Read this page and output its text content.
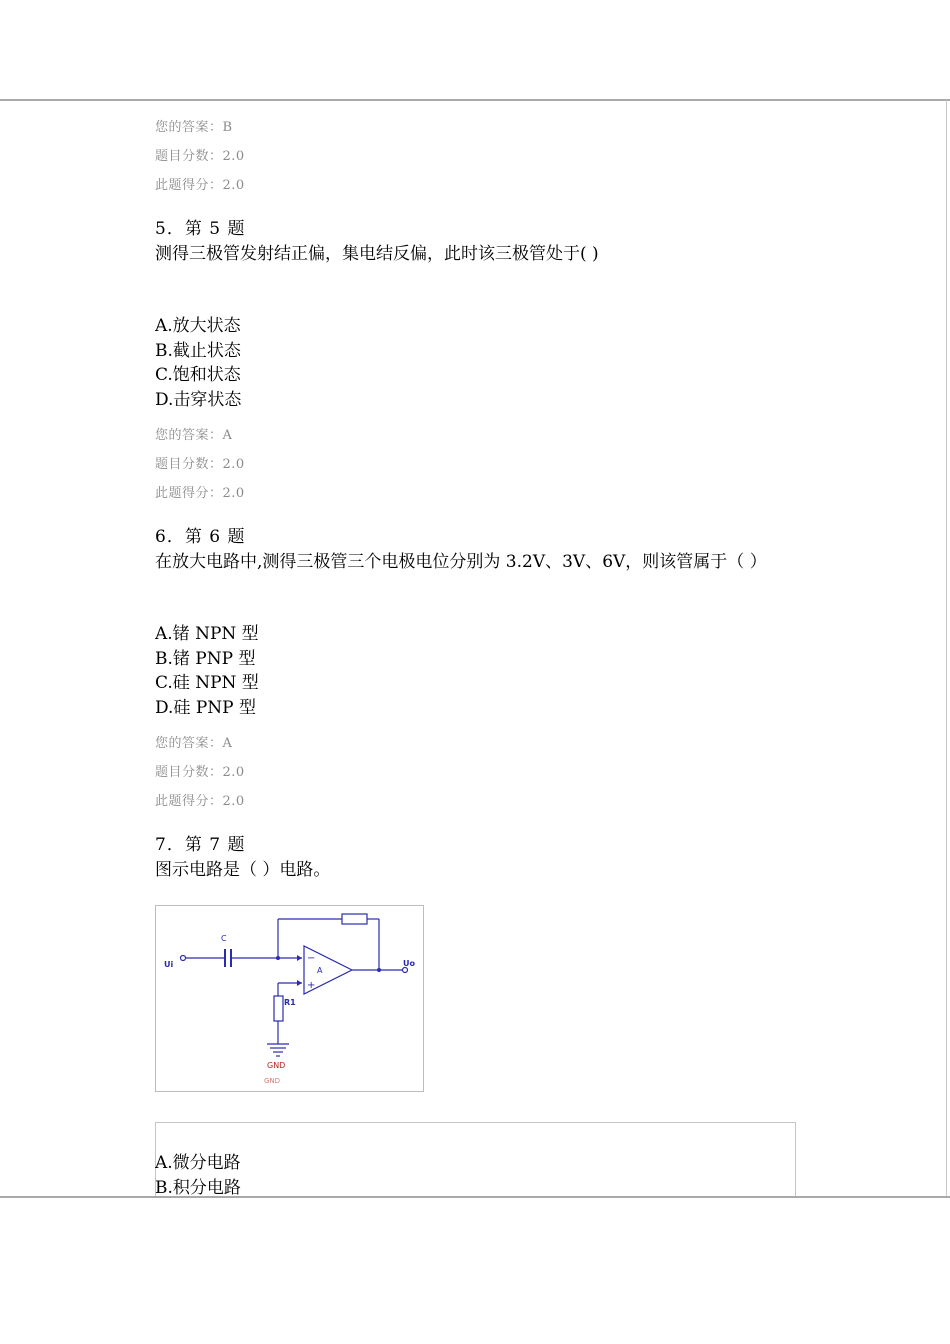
您的答案：B
题目分数：2.0
此题得分：2.0
5．第 5 题
测得三极管发射结正偏，集电结反偏，此时该三极管处于( )
A.放大状态
B.截止状态
C.饱和状态
D.击穿状态
您的答案：A
题目分数：2.0
此题得分：2.0
6．第 6 题
在放大电路中,测得三极管三个电极电位分别为 3.2V、3V、6V，则该管属于（ ）
A.锗 NPN 型
B.锗 PNP 型
C.硅 NPN 型
D.硅 PNP 型
您的答案：A
题目分数：2.0
此题得分：2.0
7．第 7 题
图示电路是（ ）电路。
C
Ui	Uo
A
−
+
R1
GND
GND
A.微分电路
B.积分电路
